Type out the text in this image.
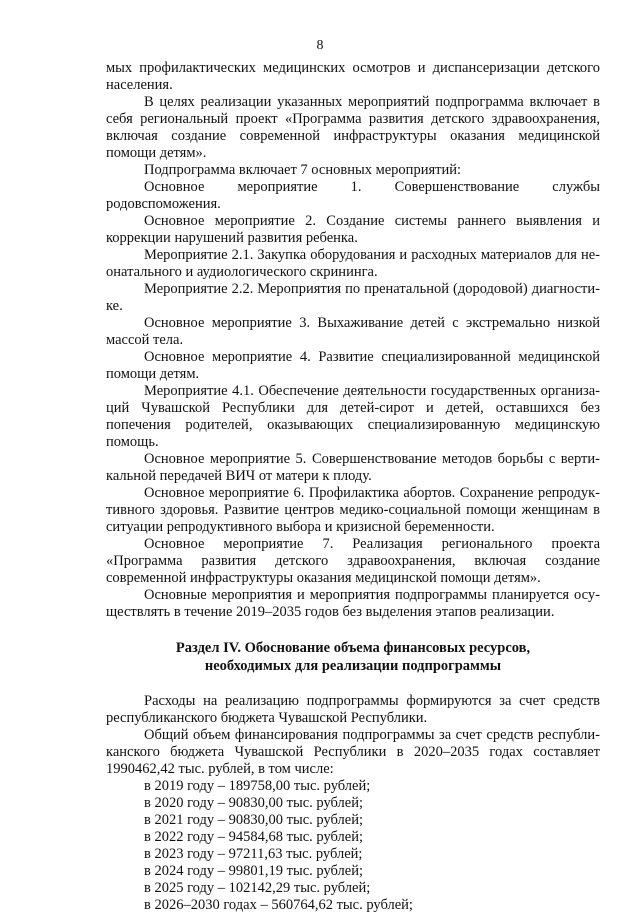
8

мых профилактических медицинских осмотров и диспансеризации детского населения.

В целях реализации указанных мероприятий подпрограмма включает в себя региональный проект «Программа развития детского здравоохранения, включая создание современной инфраструктуры оказания медицинской помощи детям».

Подпрограмма включает 7 основных мероприятий:

Основное мероприятие 1. Совершенствование службы родовспоможения.

Основное мероприятие 2. Создание системы раннего выявления и коррекции нарушений развития ребенка.

Мероприятие 2.1. Закупка оборудования и расходных материалов для неонатального и аудиологического скрининга.

Мероприятие 2.2. Мероприятия по пренатальной (дородовой) диагностике.

Основное мероприятие 3. Выхаживание детей с экстремально низкой массой тела.

Основное мероприятие 4. Развитие специализированной медицинской помощи детям.

Мероприятие 4.1. Обеспечение деятельности государственных организаций Чувашской Республики для детей-сирот и детей, оставшихся без попечения родителей, оказывающих специализированную медицинскую помощь.

Основное мероприятие 5. Совершенствование методов борьбы с вертикальной передачей ВИЧ от матери к плоду.

Основное мероприятие 6. Профилактика абортов. Сохранение репродуктивного здоровья. Развитие центров медико-социальной помощи женщинам в ситуации репродуктивного выбора и кризисной беременности.

Основное мероприятие 7. Реализация регионального проекта «Программа развития детского здравоохранения, включая создание современной инфраструктуры оказания медицинской помощи детям».

Основные мероприятия и мероприятия подпрограммы планируется осуществлять в течение 2019–2035 годов без выделения этапов реализации.

Раздел IV. Обоснование объема финансовых ресурсов,
необходимых для реализации подпрограммы

Расходы на реализацию подпрограммы формируются за счет средств республиканского бюджета Чувашской Республики.

Общий объем финансирования подпрограммы за счет средств республиканского бюджета Чувашской Республики в 2020–2035 годах составляет 1990462,42 тыс. рублей, в том числе:

в 2019 году – 189758,00 тыс. рублей;
в 2020 году – 90830,00 тыс. рублей;
в 2021 году – 90830,00 тыс. рублей;
в 2022 году – 94584,68 тыс. рублей;
в 2023 году – 97211,63 тыс. рублей;
в 2024 году – 99801,19 тыс. рублей;
в 2025 году – 102142,29 тыс. рублей;
в 2026–2030 годах – 560764,62 тыс. рублей;
